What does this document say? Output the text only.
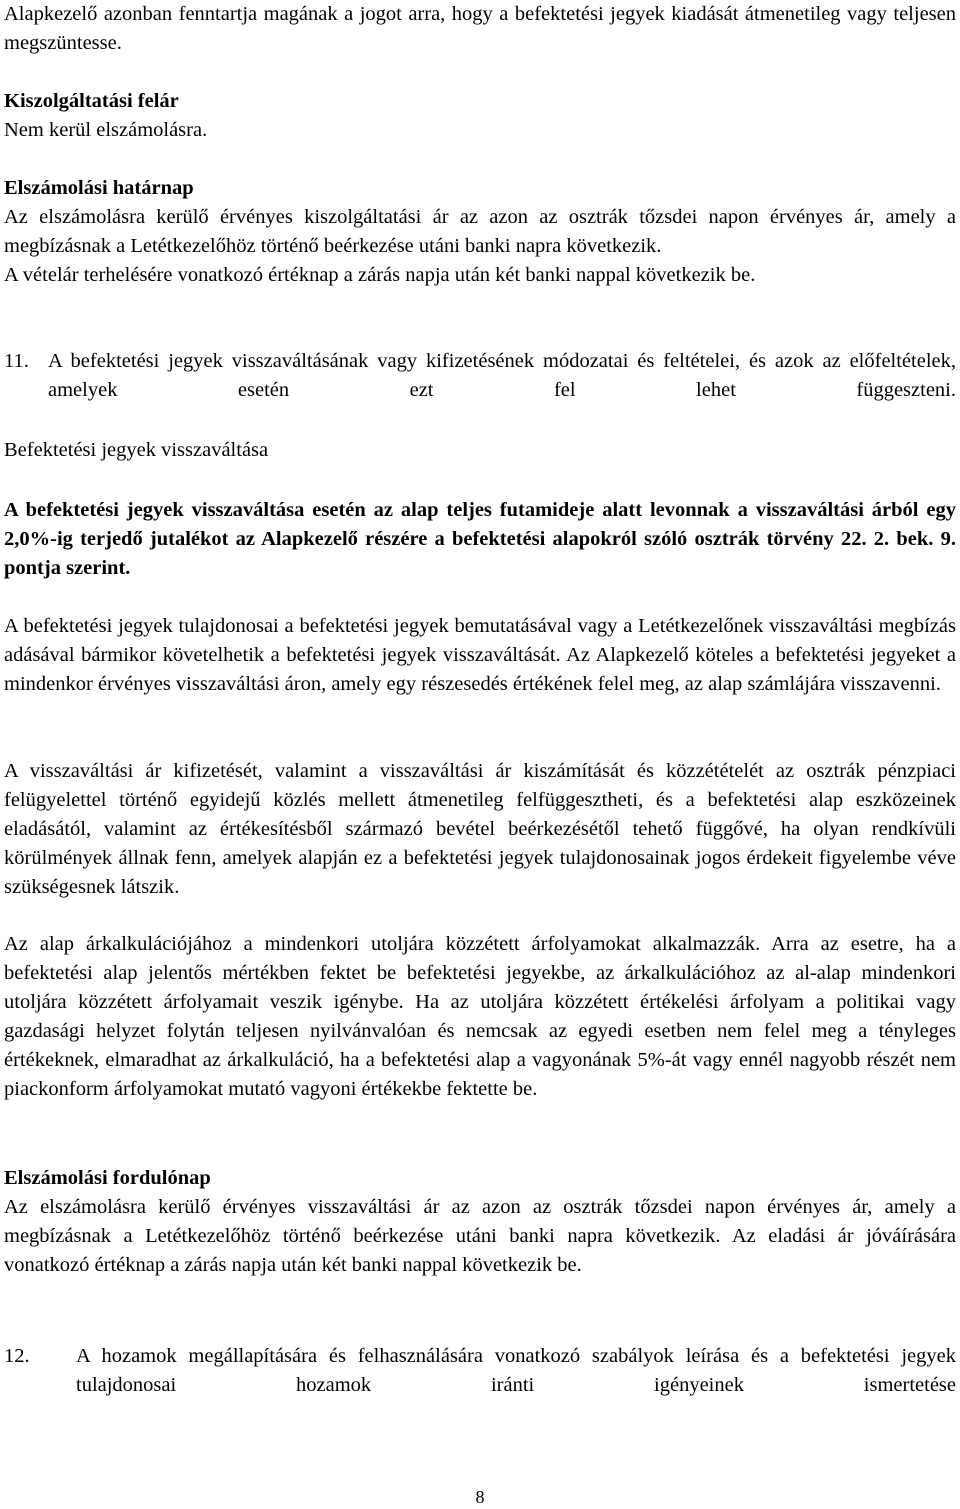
Alapkezelő azonban fenntartja magának a jogot arra, hogy a befektetési jegyek kiadását átmenetileg vagy teljesen megszüntesse.

Kiszolgáltatási felár

Nem kerül elszámolásra.

Elszámolási határnap

Az elszámolásra kerülő érvényes kiszolgáltatási ár az azon az osztrák tőzsdei napon érvényes ár, amely a megbízásnak a Letétkezelőhöz történő beérkezése utáni banki napra következik.

A vételár terhelésére vonatkozó értéknap a zárás napja után két banki nappal következik be.

11. A befektetési jegyek visszaváltásának vagy kifizetésének módozatai és feltételei, és azok az előfeltételek, amelyek esetén ezt fel lehet függeszteni.

Befektetési jegyek visszaváltása

A befektetési jegyek visszaváltása esetén az alap teljes futamideje alatt levonnak a visszaváltási árból egy 2,0%-ig terjedő jutalékot az Alapkezelő részére a befektetési alapokról szóló osztrák törvény 22. 2. bek. 9. pontja szerint.

A befektetési jegyek tulajdonosai a befektetési jegyek bemutatásával vagy a Letétkezelőnek visszaváltási megbízás adásával bármikor követelhetik a befektetési jegyek visszaváltását. Az Alapkezelő köteles a befektetési jegyeket a mindenkor érvényes visszaváltási áron, amely egy részesedés értékének felel meg, az alap számlájára visszavenni.

A visszaváltási ár kifizetését, valamint a visszaváltási ár kiszámítását és közzétételét az osztrák pénzpiaci felügyelettel történő egyidejű közlés mellett átmenetileg felfüggesztheti, és a befektetési alap eszközeinek eladásától, valamint az értékesítésből származó bevétel beérkezésétől tehető függővé, ha olyan rendkívüli körülmények állnak fenn, amelyek alapján ez a befektetési jegyek tulajdonosainak jogos érdekeit figyelembe véve szükségesnek látszik.

Az alap árkalkulációjához a mindenkori utoljára közzétett árfolyamokat alkalmazzák. Arra az esetre, ha a befektetési alap jelentős mértékben fektet be befektetési jegyekbe, az árkalkulációhoz az al-alap mindenkori utoljára közzétett árfolyamait veszik igénybe. Ha az utoljára közzétett értékelési árfolyam a politikai vagy gazdasági helyzet folytán teljesen nyilvánvalóan és nemcsak az egyedi esetben nem felel meg a tényleges értékeknek, elmaradhat az árkalkuláció, ha a befektetési alap a vagyonának 5%-át vagy ennél nagyobb részét nem piackonform árfolyamokat mutató vagyoni értékekbe fektette be.

Elszámolási fordulónap

Az elszámolásra kerülő érvényes visszaváltási ár az azon az osztrák tőzsdei napon érvényes ár, amely a megbízásnak a Letétkezelőhöz történő beérkezése utáni banki napra következik. Az eladási ár jóváírására vonatkozó értéknap a zárás napja után két banki nappal következik be.

12.	A hozamok megállapítására és felhasználására vonatkozó szabályok leírása és a befektetési jegyek tulajdonosai hozamok iránti igényeinek ismertetése
8
